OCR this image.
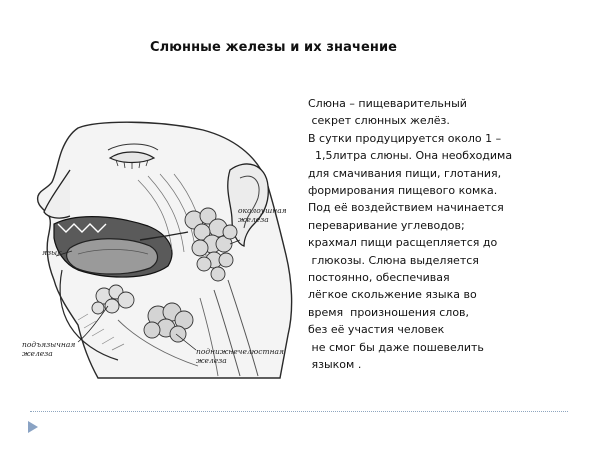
Слюнные железы и их значение
околоушная
железа
язык
подъязычная
железа	поднижнечелюстная
железа
Слюна – пищеварительный
секрет слюнных желёз.
В сутки продуцируется около 1 –
1,5литра слюны. Она необходима
для смачивания пищи, глотания,
формирования пищевого комка.
Под её воздействием начинается
переваривание углеводов;
крахмал пищи расщепляется до
глюкозы. Слюна выделяется
постоянно, обеспечивая
лёгкое скольжение языка во
время  произношения слов,
без её участия человек
не смог бы даже пошевелить
языком .
